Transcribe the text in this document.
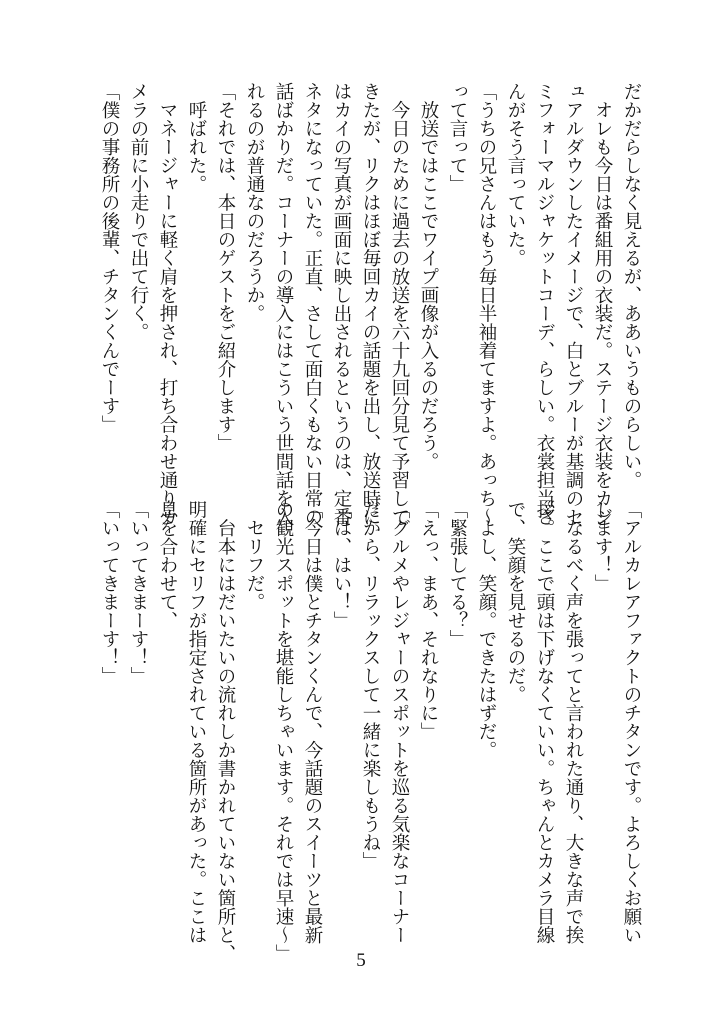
だかだらしなく見えるが、ああいうものらしい。
　オレも今日は番組用の衣装だ。ステージ衣装をカジ
ュアルダウンしたイメージで、白とブルーが基調のセ
ミフォーマルジャケットコーデ、らしい。衣裳担当さ
んがそう言っていた。
「うちの兄さんはもう毎日半袖着てますよ。あっち〜
って言って」
　放送ではここでワイプ画像が入るのだろう。
　今日のために過去の放送を六十九回分見て予習して
きたが、リクはほぼ毎回カイの話題を出し、放送時に
はカイの写真が画面に映し出されるというのは、定番
ネタになっていた。正直、さして面白くもない日常の
話ばかりだ。コーナーの導入にはこういう世間話を入
れるのが普通なのだろうか。
「それでは、本日のゲストをご紹介します」
　呼ばれた。
　マネージャーに軽く肩を押され、打ち合わせ通りカ
メラの前に小走りで出て行く。
「僕の事務所の後輩、チタンくんでーす」
「アルカレアファクトのチタンです。よろしくお願い
します！」
　なるべく声を張ってと言われた通り、大きな声で挨
拶。ここで頭は下げなくていい。ちゃんとカメラ目線
で、笑顔を見せるのだ。
　よし、笑顔。できたはずだ。
「緊張してる？」
「えっ、まあ、それなりに」
「グルメやレジャーのスポットを巡る気楽なコーナー
だから、リラックスして一緒に楽しもうね」
「は、はい！」
「今日は僕とチタンくんで、今話題のスイーツと最新
の観光スポットを堪能しちゃいます。それでは早速〜」
　セリフだ。
　台本にはだいたいの流れしか書かれていない箇所と、
明確にセリフが指定されている箇所があった。ここは
息を合わせて、
「いってきまーす！」
「いってきまーす！」
5
